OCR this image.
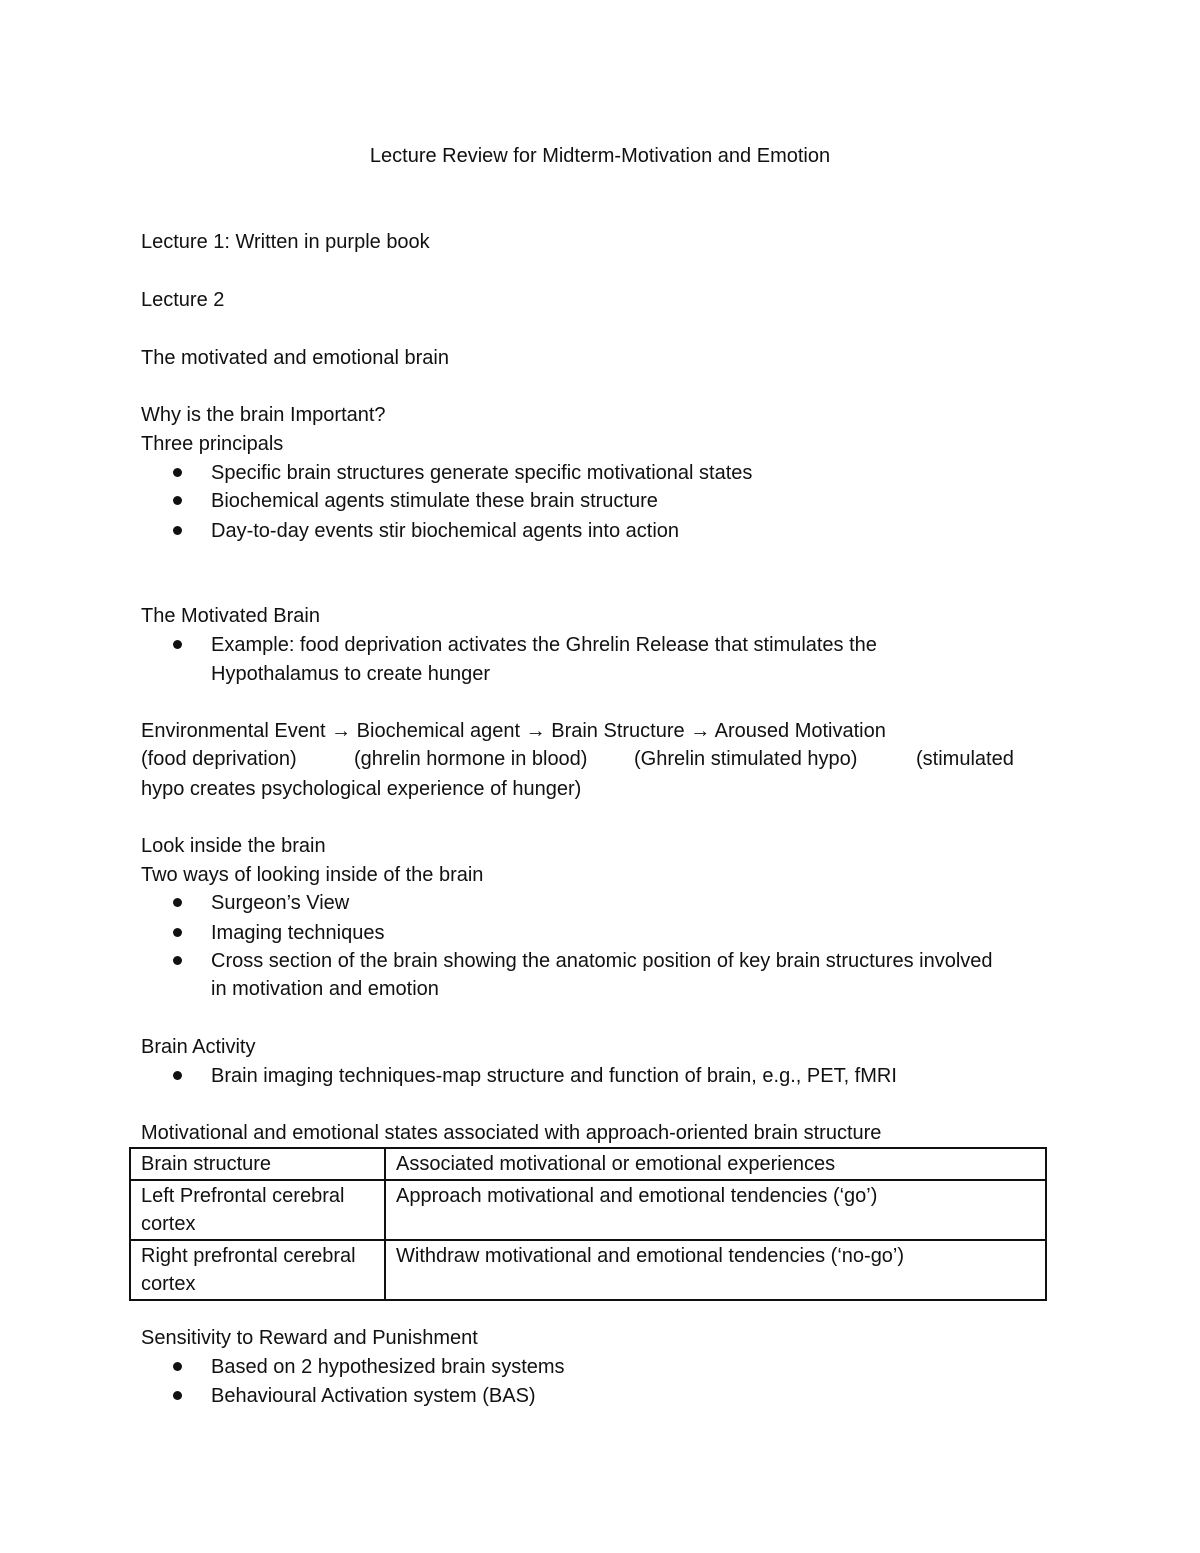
Lecture Review for Midterm-Motivation and Emotion
Lecture 1: Written in purple book
Lecture 2
The motivated and emotional brain
Why is the brain Important?
Three principals
Specific brain structures generate specific motivational states
Biochemical agents stimulate these brain structure
Day-to-day events stir biochemical agents into action
The Motivated Brain
Example: food deprivation activates the Ghrelin Release that stimulates the
Hypothalamus to create hunger
Environmental Event → Biochemical agent → Brain Structure → Aroused Motivation
(food deprivation)	(ghrelin hormone in blood) (Ghrelin stimulated hypo)	(stimulated
hypo creates psychological experience of hunger)
Look inside the brain
Two ways of looking inside of the brain
Surgeon’s View
Imaging techniques
Cross section of the brain showing the anatomic position of key brain structures involved
in motivation and emotion
Brain Activity
Brain imaging techniques-map structure and function of brain, e.g., PET, fMRI
Motivational and emotional states associated with approach-oriented brain structure
Brain structure	Associated motivational or emotional experiences
Left Prefrontal cerebral cortex	Approach motivational and emotional tendencies (‘go’)
Right prefrontal cerebral cortex	Withdraw motivational and emotional tendencies (‘no-go’)
Sensitivity to Reward and Punishment
Based on 2 hypothesized brain systems
Behavioural Activation system (BAS)
